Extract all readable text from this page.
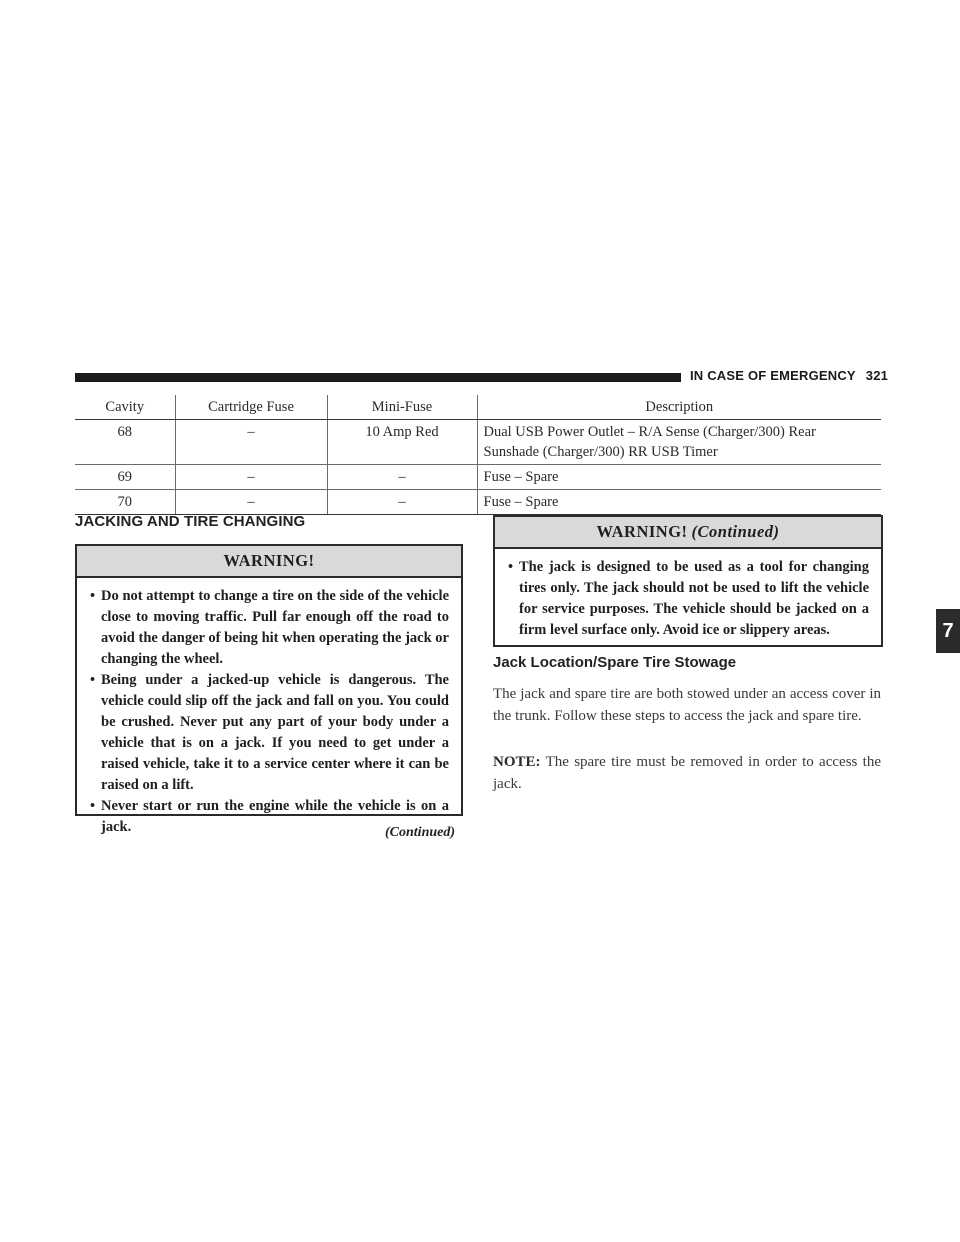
IN CASE OF EMERGENCY 321
7
Cavity	Cartridge Fuse	Mini-Fuse	Description
68	–	10 Amp Red	Dual USB Power Outlet – R/A Sense (Charger/300) Rear Sunshade (Charger/300) RR USB Timer
69	–	–	Fuse – Spare
70	–	–	Fuse – Spare
JACKING AND TIRE CHANGING
WARNING!
• Do not attempt to change a tire on the side of the vehicle close to moving traffic. Pull far enough off the road to avoid the danger of being hit when operating the jack or changing the wheel.
• Being under a jacked-up vehicle is dangerous. The vehicle could slip off the jack and fall on you. You could be crushed. Never put any part of your body under a vehicle that is on a jack. If you need to get under a raised vehicle, take it to a service center where it can be raised on a lift.
• Never start or run the engine while the vehicle is on a jack.	(Continued)
WARNING! (Continued)
• The jack is designed to be used as a tool for changing tires only. The jack should not be used to lift the vehicle for service purposes. The vehicle should be jacked on a firm level surface only. Avoid ice or slippery areas.
Jack Location/Spare Tire Stowage

The jack and spare tire are both stowed under an access cover in the trunk. Follow these steps to access the jack and spare tire.

NOTE: The spare tire must be removed in order to access the jack.
